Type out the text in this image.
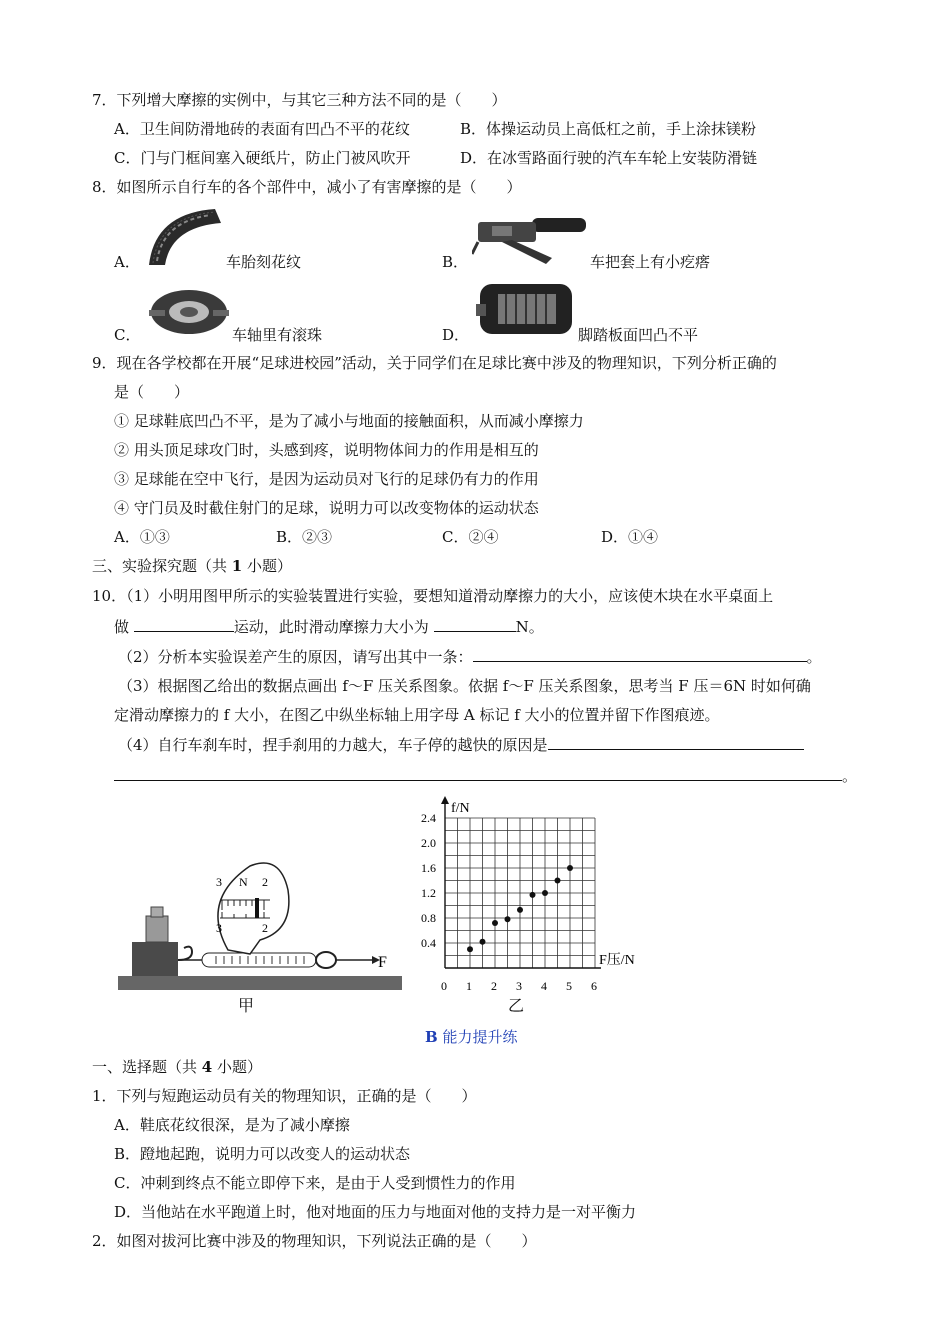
7．下列增大摩擦的实例中，与其它三种方法不同的是（　　）
A．卫生间防滑地砖的表面有凹凸不平的花纹	B．体操运动员上高低杠之前，手上涂抹镁粉
C．门与门框间塞入硬纸片，防止门被风吹开	D．在冰雪路面行驶的汽车车轮上安装防滑链
8．如图所示自行车的各个部件中，减小了有害摩擦的是（　　）
A．	车胎刻花纹	B．	车把套上有小疙瘩
C．	车轴里有滚珠	D．	脚踏板面凹凸不平
9．现在各学校都在开展“足球进校园”活动，关于同学们在足球比赛中涉及的物理知识，下列分析正确的
是（　　）
① 足球鞋底凹凸不平，是为了减小与地面的接触面积，从而减小摩擦力
② 用头顶足球攻门时，头感到疼，说明物体间力的作用是相互的
③ 足球能在空中飞行，是因为运动员对飞行的足球仍有力的作用
④ 守门员及时截住射门的足球，说明力可以改变物体的运动状态
A．①③	B．②③	C．②④	D．①④
三、实验探究题（共 1 小题）
10．（1）小明用图甲所示的实验装置进行实验，要想知道滑动摩擦力的大小，应该使木块在水平桌面上
做	运动，此时滑动摩擦力大小为	N。
（2）分析本实验误差产生的原因，请写出其中一条：	。
（3）根据图乙给出的数据点画出 f～F 压关系图象。依据 f～F 压关系图象，思考当 F 压＝6N 时如何确
定滑动摩擦力的 f 大小，在图乙中纵坐标轴上用字母 A 标记 f 大小的位置并留下作图痕迹。
（4）自行车刹车时，捏手刹用的力越大，车子停的越快的原因是
。
F
3 N 2
3	2
甲
0 1 2 3 4 5 6
0.4
0.8
1.2
1.6
2.0
2.4
f/N
F压/N
乙
B 能力提升练
一、选择题（共 4 小题）
1．下列与短跑运动员有关的物理知识，正确的是（　　）
A．鞋底花纹很深，是为了减小摩擦
B．蹬地起跑，说明力可以改变人的运动状态
C．冲刺到终点不能立即停下来，是由于人受到惯性力的作用
D．当他站在水平跑道上时，他对地面的压力与地面对他的支持力是一对平衡力
2．如图对拔河比赛中涉及的物理知识，下列说法正确的是（　　）
